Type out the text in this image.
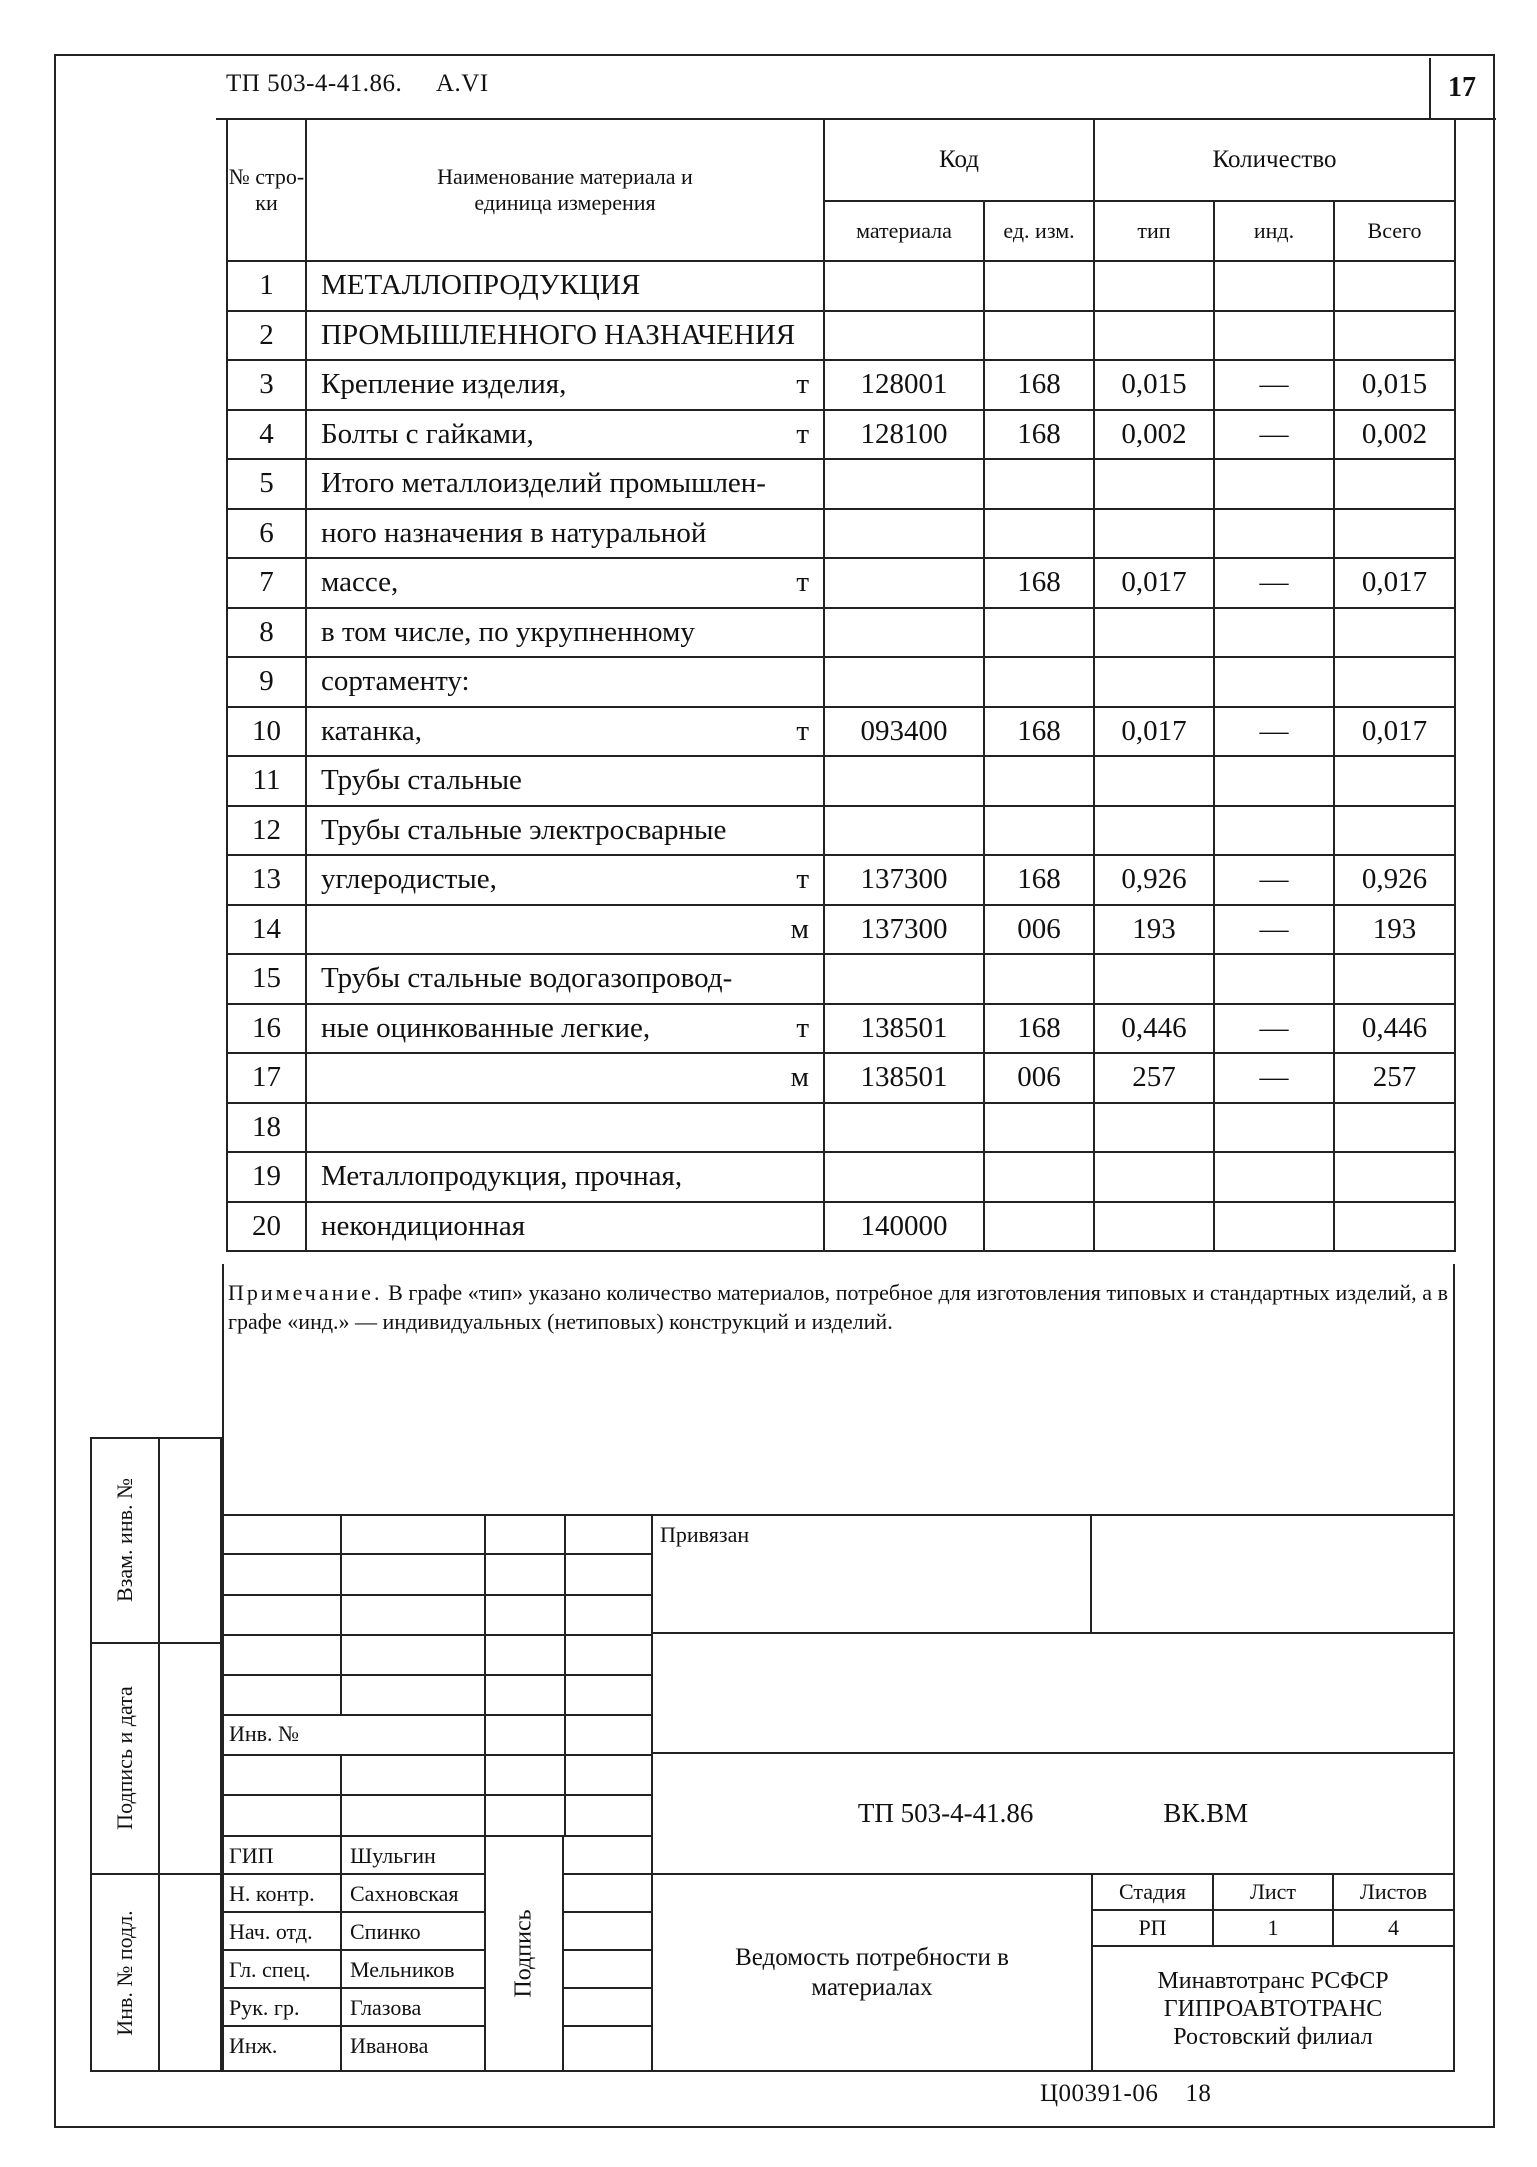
ТП 503-4-41.86. А.VI	17
№ стро-ки	Наименование материала и единица измерения	Код		Количество		
		материала	ед. изм.	тип	инд.	Всего
1	МЕТАЛЛОПРОДУКЦИЯ					

2	ПРОМЫШЛЕННОГО НАЗНАЧЕНИЯ					

3	Крепление изделия, т	128001	168	0,015	—	0,015
4	Болты с гайками, т	128100	168	0,002	—	0,002
5	Итого металлоизделий промышлен-					

6	ного назначения в натуральной					

7	массе, т		168	0,017	—	0,017
8	в том числе, по укрупненному					

9	сортаменту:					

10	катанка, т	093400	168	0,017	—	0,017
11	Трубы стальные					

12	Трубы стальные электросварные					

13	углеродистые, т	137300	168	0,926	—	0,926
14	м	137300	006	193	—	193
15	Трубы стальные водогазопровод-					

16	ные оцинкованные легкие, т	138501	168	0,446	—	0,446
17	м	138501	006	257	—	257
18	

19	Металлопродукция, прочная,					

20	некондиционная	140000				
Примечание. В графе «тип» указано количество материалов, потребное для изготовления типовых и стандартных изделий, а в графе «инд.» — индивидуальных (нетиповых) конструкций и изделий.
Взам. инв. №
Подпись и дата
Инв. № подл.
ГИП	Шульгин
Н. контр.	Сахновская
Нач. отд.	Спинко
Гл. спец.	Мельников
Рук. гр.	Глазова
Инж.	Иванова
Привязан
Инв. №
ТП 503-4-41.86	ВК.ВМ
Подпись	Ведомость потребности в материалах
Стадия	Лист	Листов
РП	1	4
Минавтотранс РСФСР
ГИПРОАВТОТРАНС
Ростовский филиал
Ц00391-06 18
